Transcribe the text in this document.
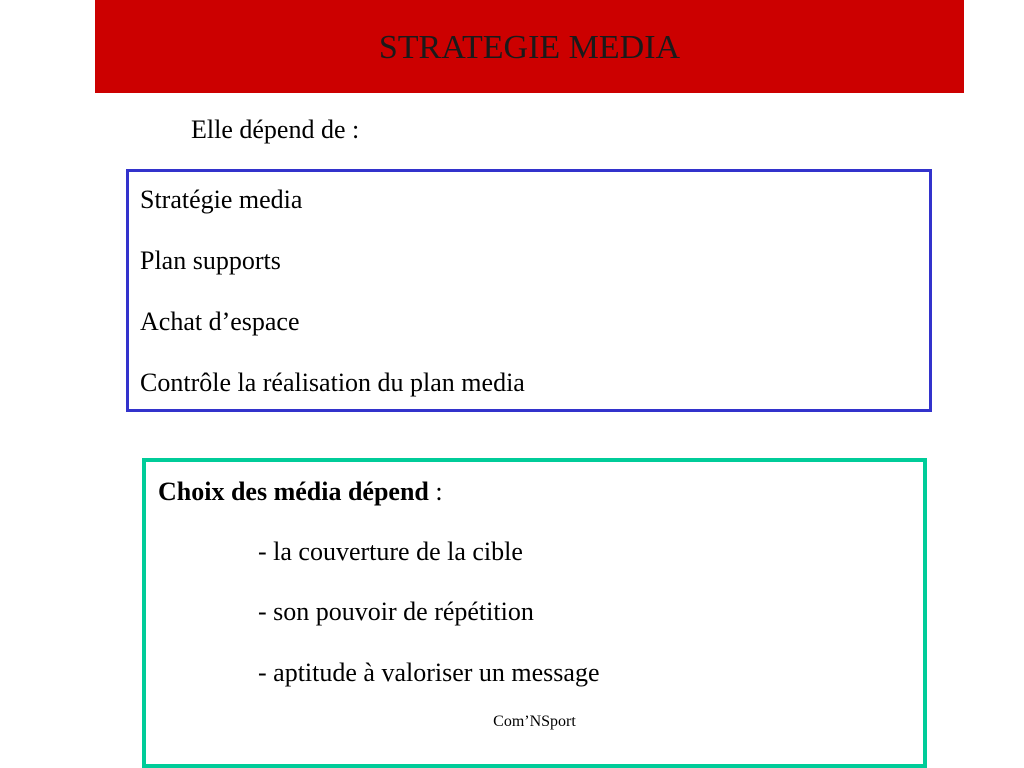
STRATEGIE MEDIA
Elle dépend de :
Stratégie media
Plan supports
Achat d’espace
Contrôle la réalisation du plan media
Choix des média dépend :
- la couverture de la cible
- son pouvoir de répétition
- aptitude à valoriser un message
Com’NSport
